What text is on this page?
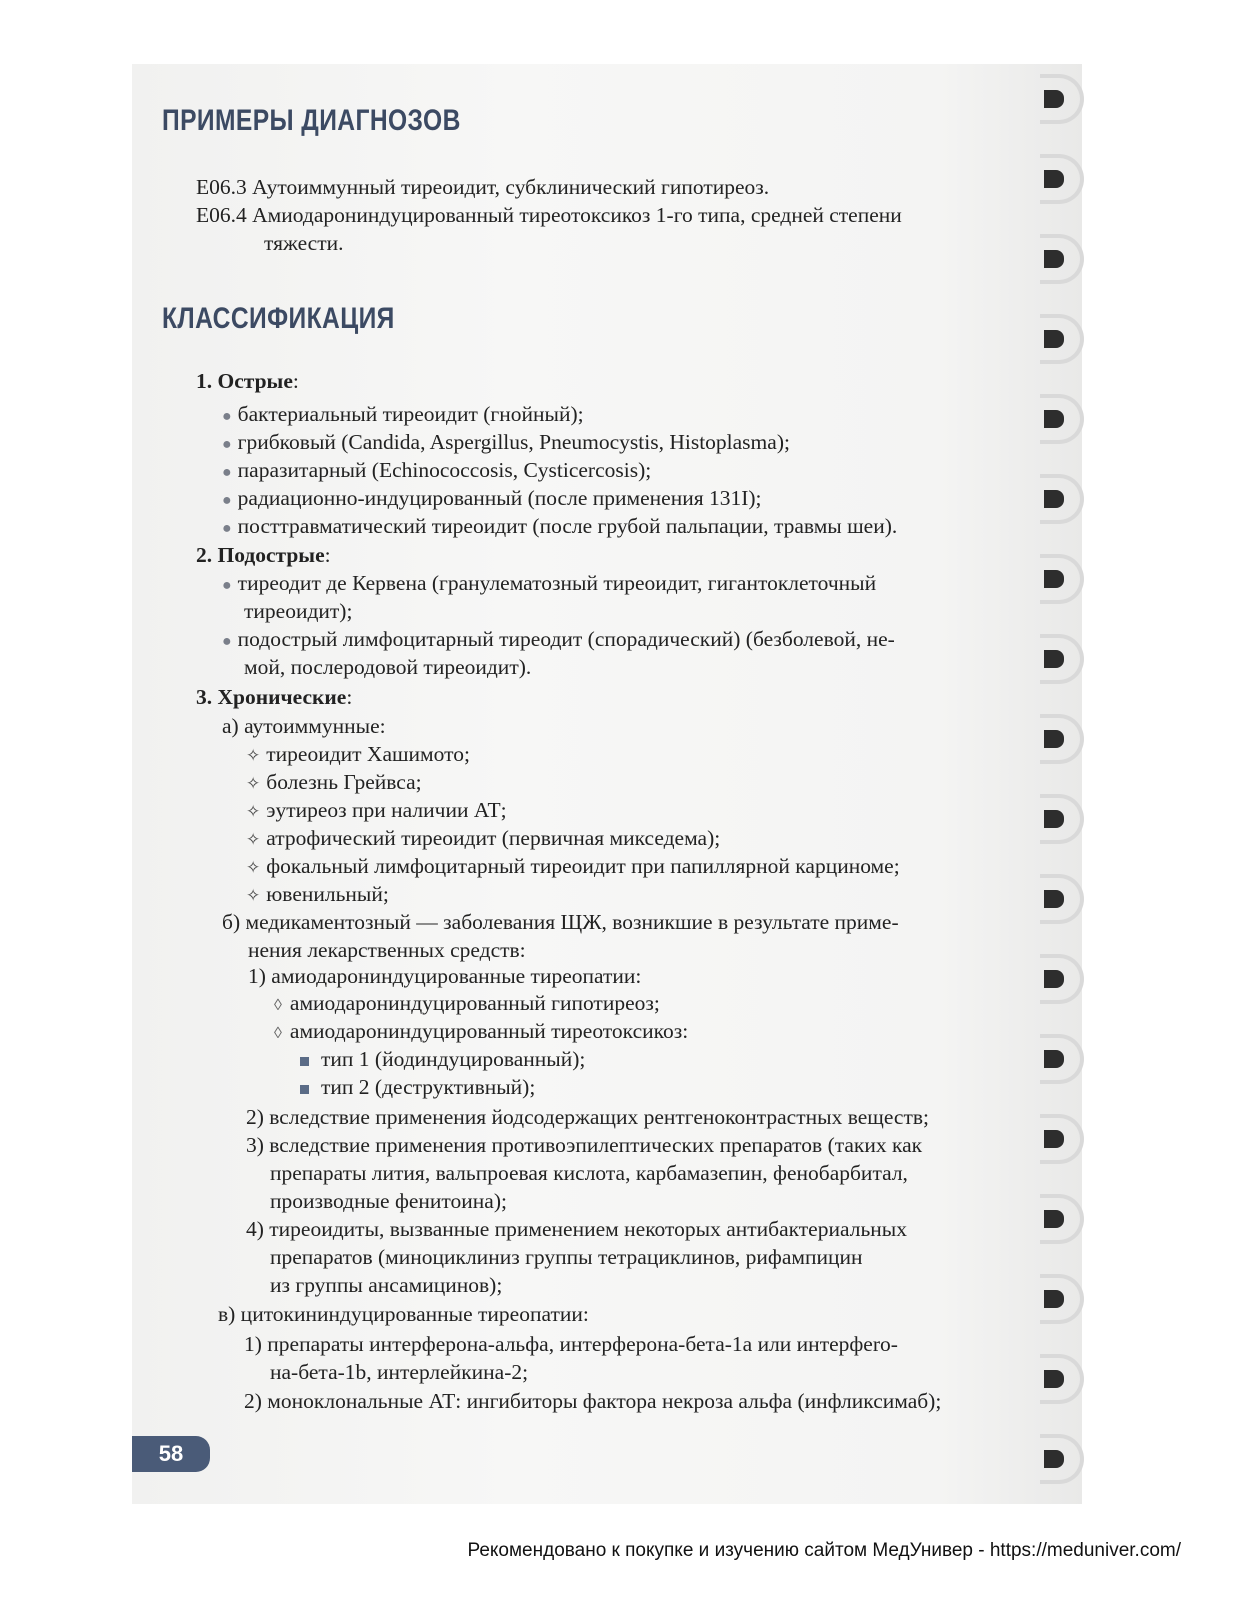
ПРИМЕРЫ ДИАГНОЗОВ
Е06.3 Аутоиммунный тиреоидит, субклинический гипотиреоз.
Е06.4 Амиодарониндуцированный тиреотоксикоз 1-го типа, средней степени
тяжести.
КЛАССИФИКАЦИЯ
1. Острые:
● бактериальный тиреоидит (гнойный);
● грибковый (Candida, Aspergillus, Pneumocystis, Histoplasma);
● паразитарный (Echinococcosis, Cysticercosis);
● радиационно-индуцированный (после применения 131I);
● посттравматический тиреоидит (после грубой пальпации, травмы шеи).
2. Подострые:
● тиреодит де Кервена (гранулематозный тиреоидит, гигантоклеточный
тиреоидит);
● подострый лимфоцитарный тиреодит (спорадический) (безболевой, не-
мой, послеродовой тиреоидит).
3. Хронические:
а) аутоиммунные:
✧ тиреоидит Хашимото;
✧ болезнь Грейвса;
✧ эутиреоз при наличии АТ;
✧ атрофический тиреоидит (первичная микседема);
✧ фокальный лимфоцитарный тиреоидит при папиллярной карциноме;
✧ ювенильный;
б) медикаментозный — заболевания ЩЖ, возникшие в результате приме-
нения лекарственных средств:
1) амиодарониндуцированные тиреопатии:
◊ амиодарониндуцированный гипотиреоз;
◊ амиодарониндуцированный тиреотоксикоз:
тип 1 (йодиндуцированный);
тип 2 (деструктивный);
2) вследствие применения йодсодержащих рентгеноконтрастных веществ;
3) вследствие применения противоэпилептических препаратов (таких как
препараты лития, вальпроевая кислота, карбамазепин, фенобарбитал,
производные фенитоина);
4) тиреоидиты, вызванные применением некоторых антибактериальных
препаратов (миноциклиниз группы тетрациклинов, рифампицин
из группы ансамицинов);
в) цитокининдуцированные тиреопатии:
1) препараты интерферона-альфа, интерферона-бета-1а или интерфero-
на-бета-1b, интерлейкина-2;
2) моноклональные АТ: ингибиторы фактора некроза альфа (инфликсимаб);
58
Рекомендовано к покупке и изучению сайтом МедУнивер - https://meduniver.com/
